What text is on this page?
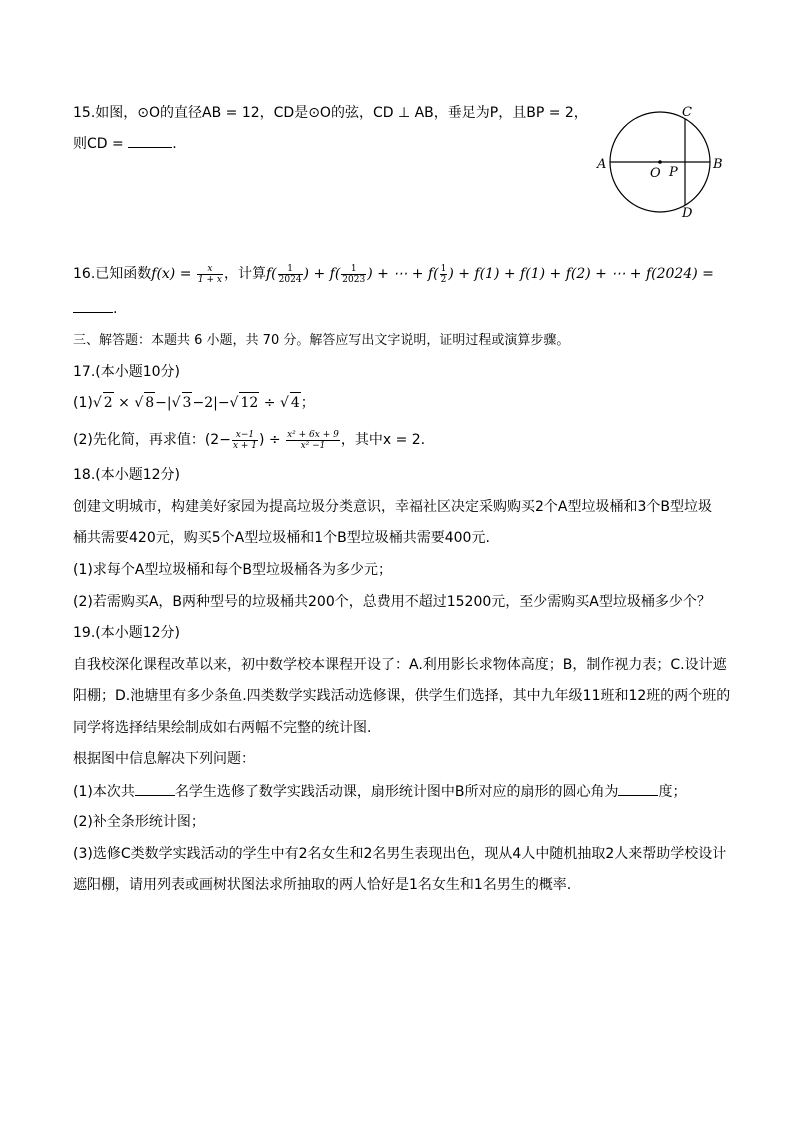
15.如图，⊙O的直径AB = 12，CD是⊙O的弦，CD ⊥ AB，垂足为P，且BP = 2，
则CD =	.
A	B
C
D
O P
16.已知函数$f(x) = \frac{x}{1 + x}$ ，计算$f( \frac{1}{2024}$ ) + $f( \frac{1}{2023}$ ) + ⋯ + $f( \frac{1}{2}$ ) + f(1) + f(1) + f(2) + ⋯ + f(2024) =
.
三、解答题：本题共 6 小题，共 70 分。解答应写出文字说明，证明过程或演算步骤。
17.(本小题10分)
(1)√ 2 × √ 8−|√ 3−2|−√ 12 ÷ √ 4；
(2)先化简，再求值：($2- \frac{x-1}{x + 1}$ ) ÷ $\frac{\text{x² + 6x + 9}}{\text{x² −1}}$ ，其中x = 2.
18.(本小题12分)
创建文明城市，构建美好家园为提高垃圾分类意识，幸福社区决定采购购买2个A型垃圾桶和3个B型垃圾
桶共需要420元，购买5个A型垃圾桶和1个B型垃圾桶共需要400元.
(1)求每个A型垃圾桶和每个B型垃圾桶各为多少元；
(2)若需购买A，B两种型号的垃圾桶共200个，总费用不超过15200元，至少需购买A型垃圾桶多少个？
19.(本小题12分)
自我校深化课程改革以来，初中数学校本课程开设了：A.利用影长求物体高度；B，制作视力表；C.设计遮
阳棚；D.池塘里有多少条鱼.四类数学实践活动选修课，供学生们选择，其中九年级11班和12班的两个班的
同学将选择结果绘制成如右两幅不完整的统计图.
根据图中信息解决下列问题：
(1)本次共	名学生选修了数学实践活动课，扇形统计图中B所对应的扇形的圆心角为	度；
(2)补全条形统计图；
(3)选修C类数学实践活动的学生中有2名女生和2名男生表现出色，现从4人中随机抽取2人来帮助学校设计
遮阳棚，请用列表或画树状图法求所抽取的两人恰好是1名女生和1名男生的概率.
